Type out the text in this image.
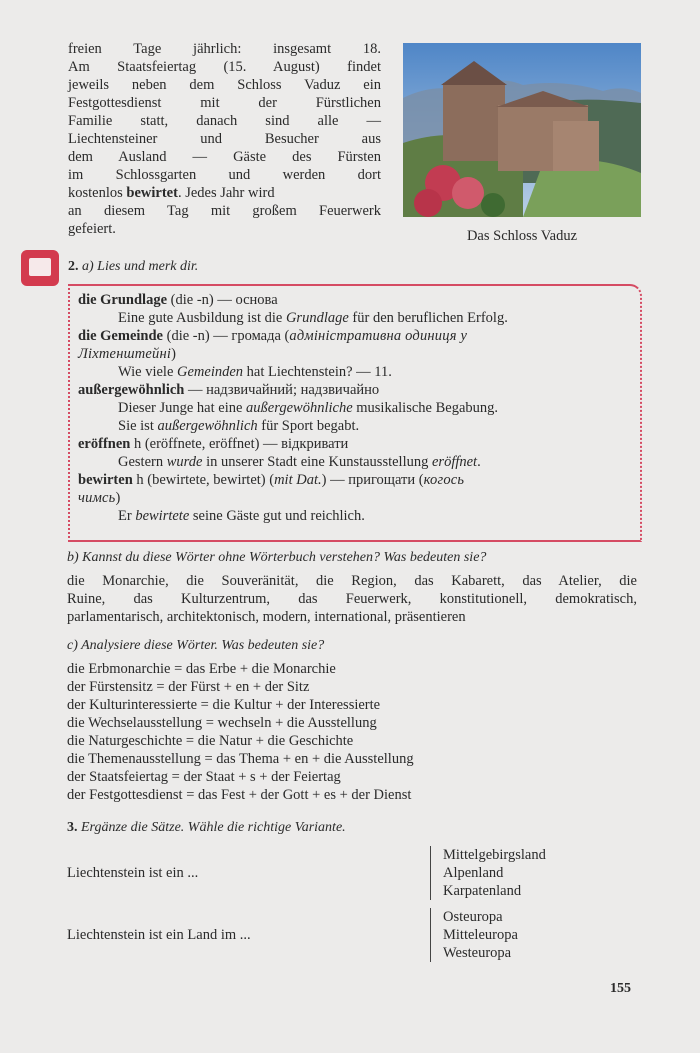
freien Tage jährlich: insgesamt 18.
Am Staatsfeiertag (15. August) findet
jeweils neben dem Schloss Vaduz ein
Festgottesdienst mit der Fürstlichen
Familie statt, danach sind alle —
Liechtensteiner und Besucher aus
dem Ausland — Gäste des Fürsten
im Schlossgarten und werden dort
kostenlos bewirtet. Jedes Jahr wird
an diesem Tag mit großem Feuerwerk
gefeiert.	Das Schloss Vaduz
2. a) Lies und merk dir.
die Grundlage (die -n) — основа
Eine gute Ausbildung ist die Grundlage für den beruflichen Erfolg.
die Gemeinde (die -n) — громада (адміністративна одиниця у
Ліхтенштейні)
Wie viele Gemeinden hat Liechtenstein? — 11.
außergewöhnlich — надзвичайний; надзвичайно
Dieser Junge hat eine außergewöhnliche musikalische Begabung.
Sie ist außergewöhnlich für Sport begabt.
eröffnen h (eröffnete, eröffnet) — відкривати
Gestern wurde in unserer Stadt eine Kunstausstellung eröffnet.
bewirten h (bewirtete, bewirtet) (mit Dat.) — пригощати (когось
чимсь)
Er bewirtete seine Gäste gut und reichlich.
b) Kannst du diese Wörter ohne Wörterbuch verstehen? Was bedeuten sie?
die Monarchie, die Souveränität, die Region, das Kabarett, das Atelier, die
Ruine, das Kulturzentrum, das Feuerwerk, konstitutionell, demokratisch,
parlamentarisch, architektonisch, modern, international, präsentieren
c) Analysiere diese Wörter. Was bedeuten sie?
die Erbmonarchie = das Erbe + die Monarchie
der Fürstensitz = der Fürst + en + der Sitz
der Kulturinteressierte = die Kultur + der Interessierte
die Wechselausstellung = wechseln + die Ausstellung
die Naturgeschichte = die Natur + die Geschichte
die Themenausstellung = das Thema + en + die Ausstellung
der Staatsfeiertag = der Staat + s + der Feiertag
der Festgottesdienst = das Fest + der Gott + es + der Dienst
3. Ergänze die Sätze. Wähle die richtige Variante.
Liechtenstein ist ein ...
Mittelgebirgsland
Alpenland
Karpatenland
Liechtenstein ist ein Land im ...
Osteuropa
Mitteleuropa
Westeuropa
155
